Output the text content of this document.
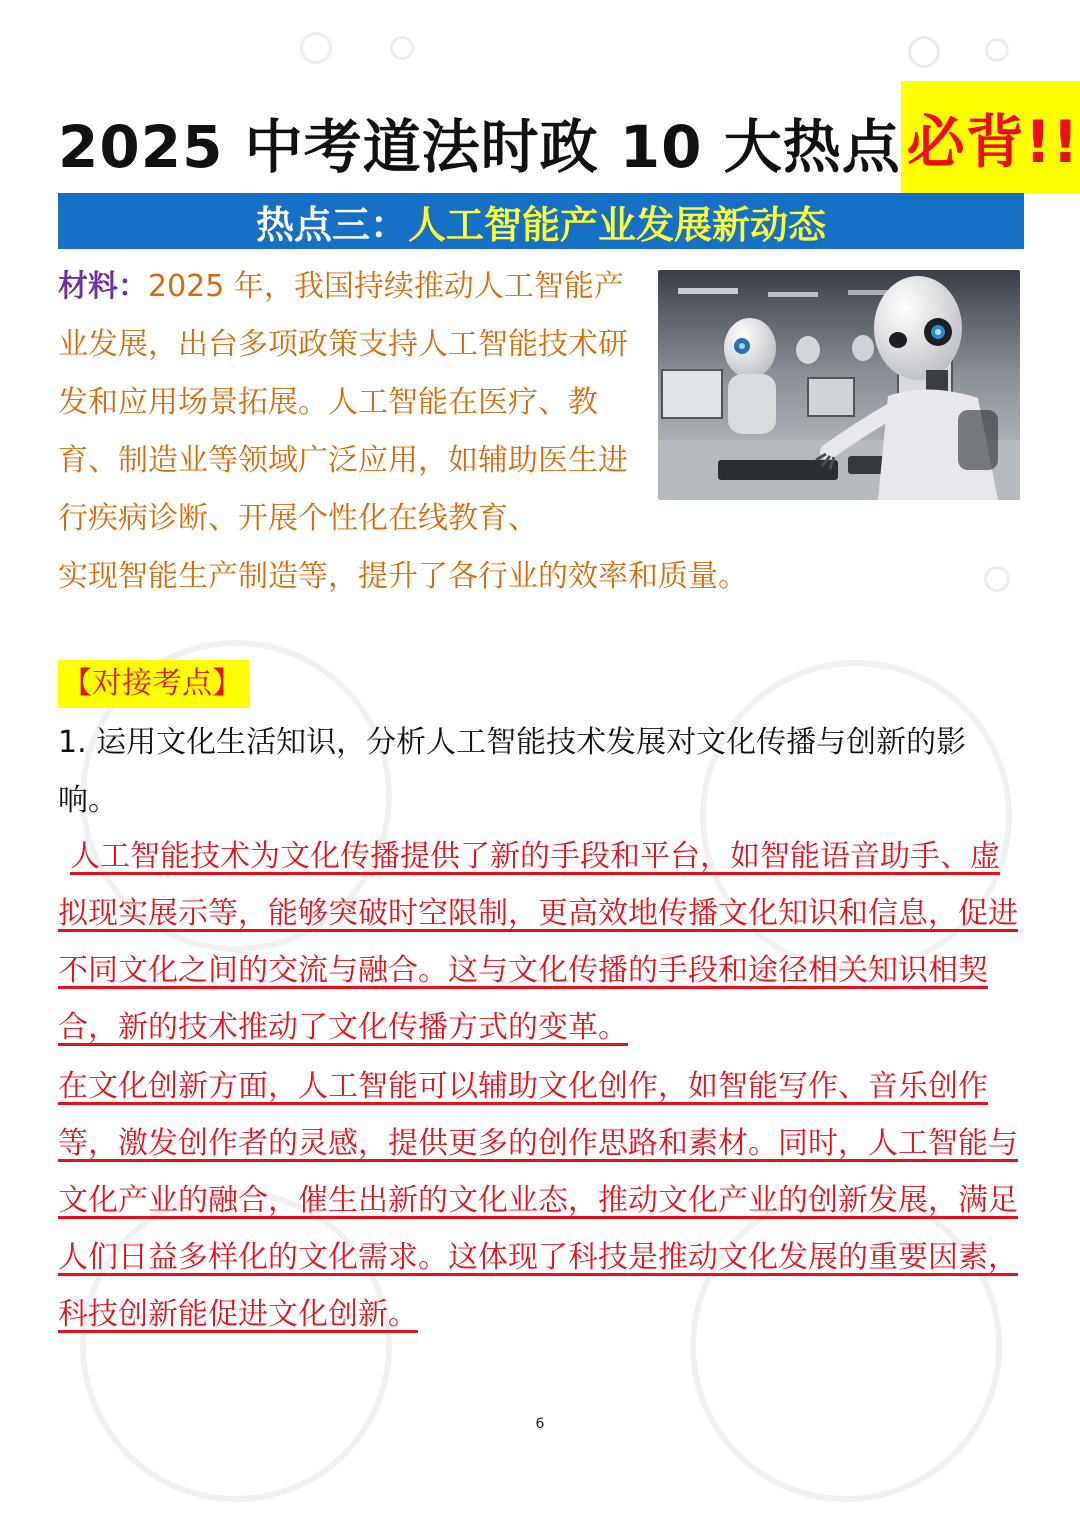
2025 中考道法时政 10 大热点 必背!!
热点三： 人工智能产业发展新动态
材料：2025 年，我国持续推动人工智能产业发展，出台多项政策支持人工智能技术研发和应用场景拓展。人工智能在医疗、教育、制造业等领域广泛应用，如辅助医生进行疾病诊断、开展个性化在线教育、
实现智能生产制造等，提升了各行业的效率和质量。
【对接考点】
1. 运用文化生活知识，分析人工智能技术发展对文化传播与创新的影响。
人工智能技术为文化传播提供了新的手段和平台，如智能语音助手、虚拟现实展示等，能够突破时空限制，更高效地传播文化知识和信息，促进不同文化之间的交流与融合。这与文化传播的手段和途径相关知识相契合，新的技术推动了文化传播方式的变革。
在文化创新方面，人工智能可以辅助文化创作，如智能写作、音乐创作等，激发创作者的灵感，提供更多的创作思路和素材。同时，人工智能与文化产业的融合，催生出新的文化业态，推动文化产业的创新发展，满足人们日益多样化的文化需求。这体现了科技是推动文化发展的重要因素，科技创新能促进文化创新。
6
